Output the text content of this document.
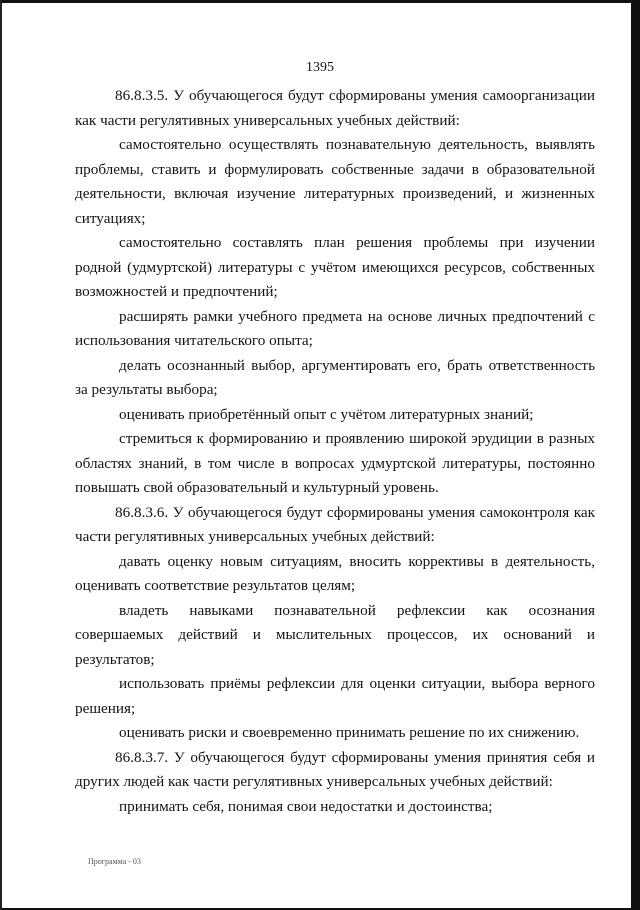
1395

86.8.3.5. У обучающегося будут сформированы умения самоорганизации как части регулятивных универсальных учебных действий:

самостоятельно осуществлять познавательную деятельность, выявлять проблемы, ставить и формулировать собственные задачи в образовательной деятельности, включая изучение литературных произведений, и жизненных ситуациях;

самостоятельно составлять план решения проблемы при изучении родной (удмуртской) литературы с учётом имеющихся ресурсов, собственных возможностей и предпочтений;

расширять рамки учебного предмета на основе личных предпочтений с использования читательского опыта;

делать осознанный выбор, аргументировать его, брать ответственность за результаты выбора;

оценивать приобретённый опыт с учётом литературных знаний;

стремиться к формированию и проявлению широкой эрудиции в разных областях знаний, в том числе в вопросах удмуртской литературы, постоянно повышать свой образовательный и культурный уровень.

86.8.3.6. У обучающегося будут сформированы умения самоконтроля как части регулятивных универсальных учебных действий:

давать оценку новым ситуациям, вносить коррективы в деятельность, оценивать соответствие результатов целям;

владеть навыками познавательной рефлексии как осознания совершаемых действий и мыслительных процессов, их оснований и результатов;

использовать приёмы рефлексии для оценки ситуации, выбора верного решения;

оценивать риски и своевременно принимать решение по их снижению.

86.8.3.7. У обучающегося будут сформированы умения принятия себя и других людей как части регулятивных универсальных учебных действий:

принимать себя, понимая свои недостатки и достоинства;

Программа - 03
